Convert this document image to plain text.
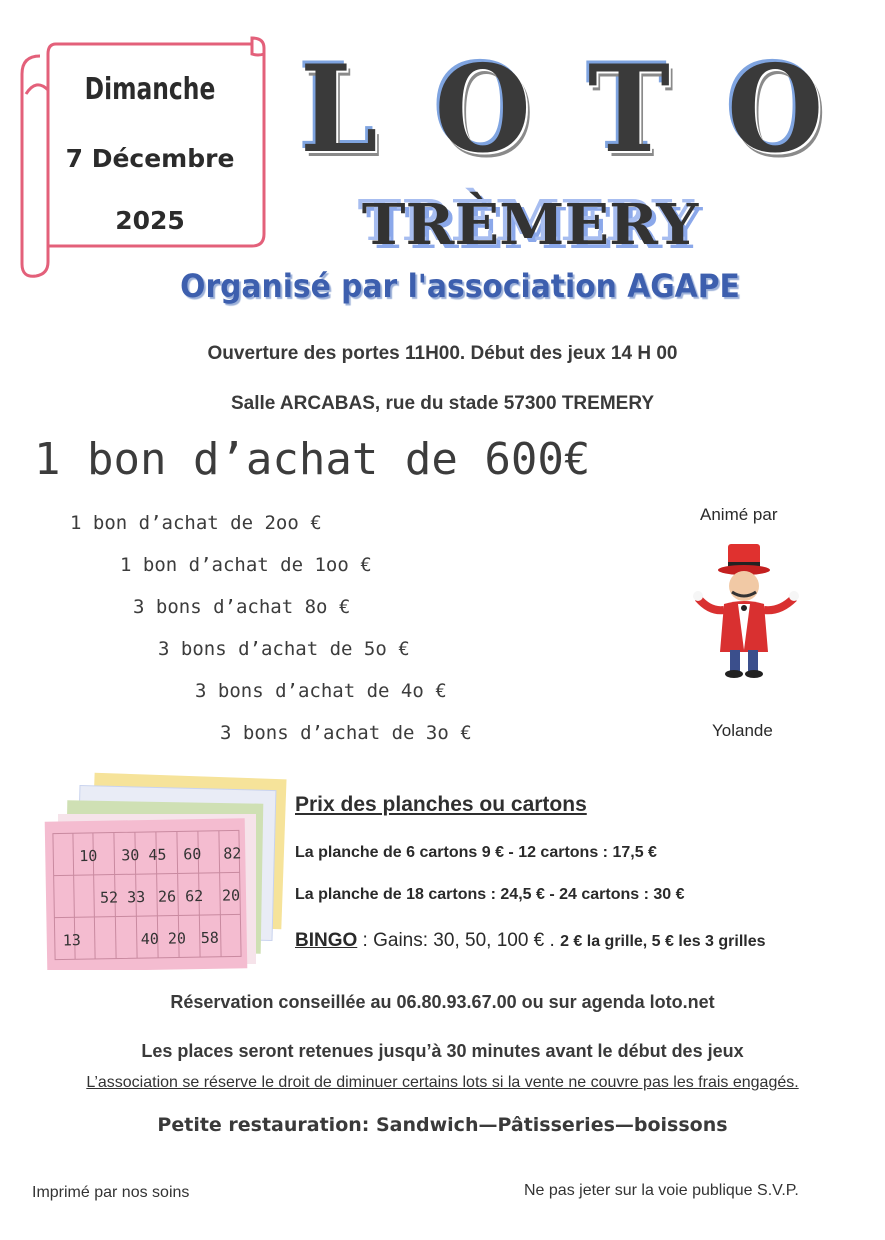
Dimanche
7 Décembre
2025
LOTO
TRÈMERY
Organisé par l'association AGAPE
Ouverture des portes 11H00. Début des jeux 14 H 00
Salle ARCABAS, rue du stade 57300 TREMERY
1 bon d’achat de 600€
1 bon d’achat de 2oo €
1 bon d’achat de 1oo €
3 bons d’achat 8o €
3 bons d’achat de 5o €
3 bons d’achat de 4o €
3 bons d’achat de 3o €
Animé par
Yolande
10 30 45 60 82
52 33 26 62 20
13	40 20 58
Prix des planches ou cartons
La planche de 6 cartons 9 € - 12 cartons : 17,5 €
La planche de 18 cartons : 24,5 € - 24 cartons : 30 €
BINGO : Gains: 30, 50, 100 € . 2 € la grille, 5 € les 3 grilles
Réservation conseillée au 06.80.93.67.00 ou sur agenda loto.net
Les places seront retenues jusqu’à 30 minutes avant le début des jeux
L’association se réserve le droit de diminuer certains lots si la vente ne couvre pas les frais engagés.
Petite restauration: Sandwich—Pâtisseries—boissons
Imprimé par nos soins	Ne pas jeter sur la voie publique S.V.P.
